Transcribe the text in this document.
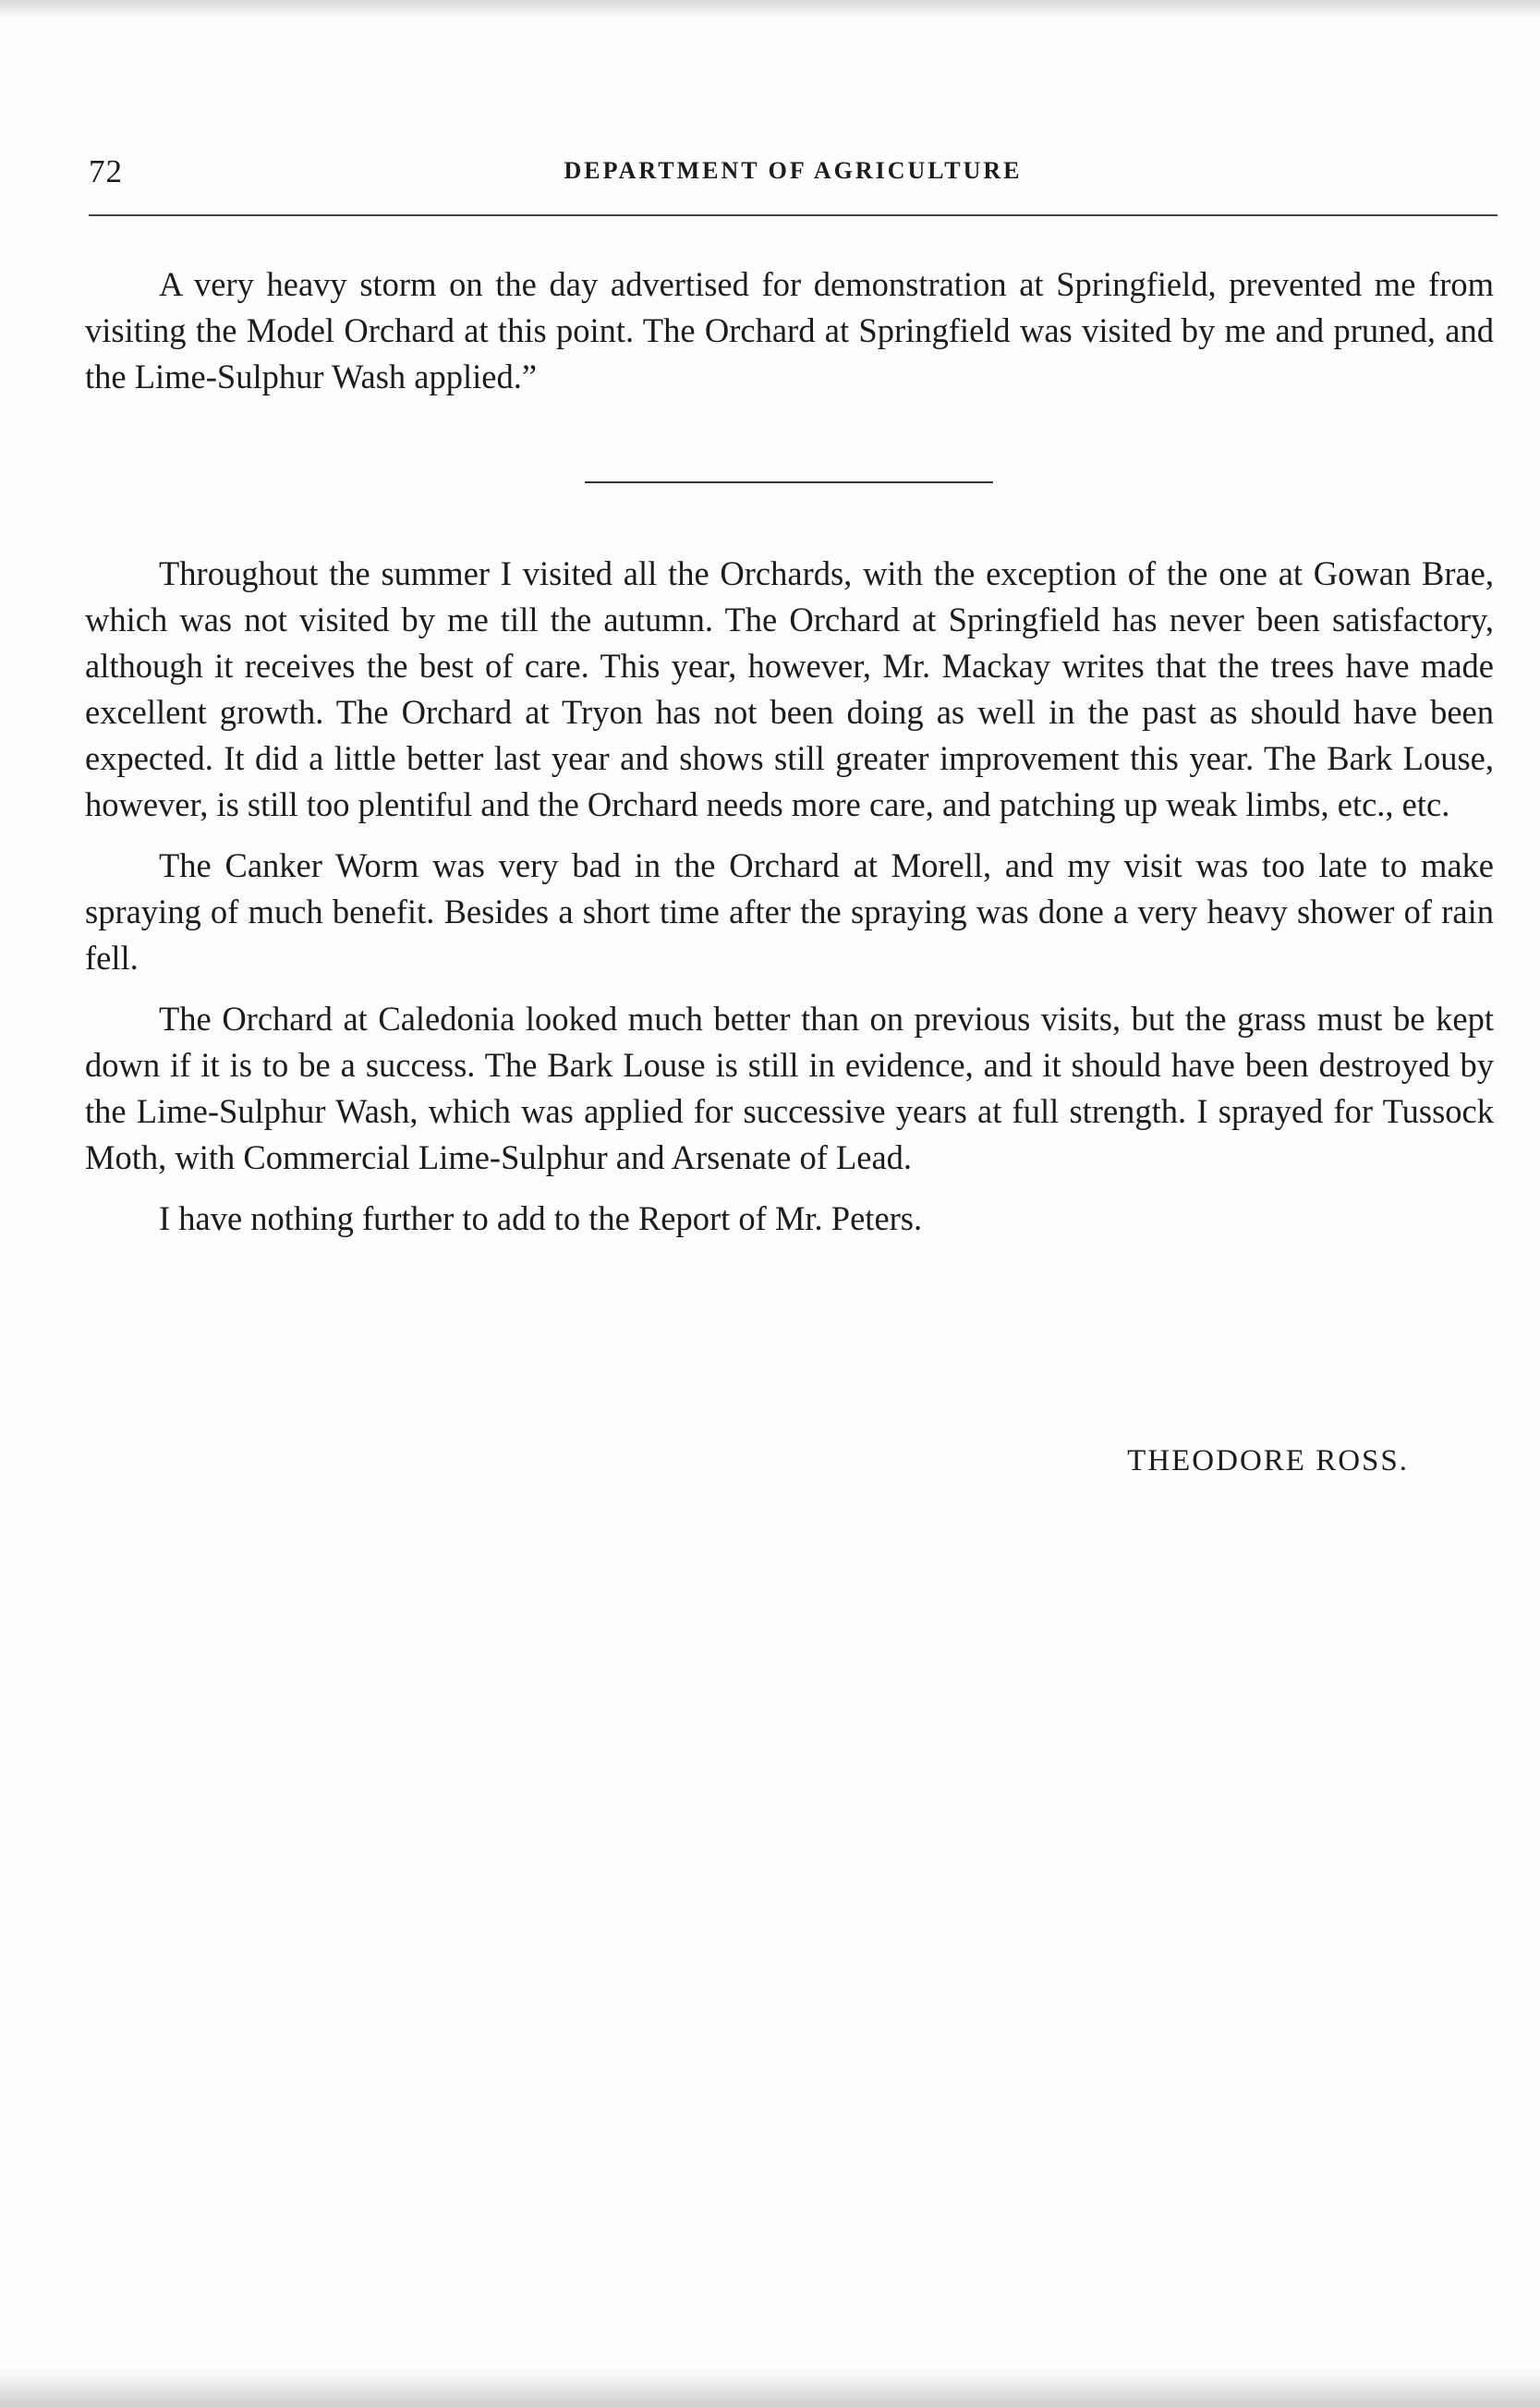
72	DEPARTMENT OF AGRICULTURE

A very heavy storm on the day advertised for demonstration at Springfield, prevented me from visiting the Model Orchard at this point. The Orchard at Springfield was visited by me and pruned, and the Lime-Sulphur Wash applied.”

Throughout the summer I visited all the Orchards, with the exception of the one at Gowan Brae, which was not visited by me till the autumn. The Orchard at Springfield has never been satisfactory, although it receives the best of care. This year, however, Mr. Mackay writes that the trees have made excellent growth. The Orchard at Tryon has not been doing as well in the past as should have been expected. It did a little better last year and shows still greater improvement this year. The Bark Louse, however, is still too plentiful and the Orchard needs more care, and patching up weak limbs, etc., etc.

The Canker Worm was very bad in the Orchard at Morell, and my visit was too late to make spraying of much benefit. Besides a short time after the spraying was done a very heavy shower of rain fell.

The Orchard at Caledonia looked much better than on previous visits, but the grass must be kept down if it is to be a success. The Bark Louse is still in evidence, and it should have been destroyed by the Lime-Sulphur Wash, which was applied for successive years at full strength. I sprayed for Tussock Moth, with Commercial Lime-Sulphur and Arsenate of Lead.

I have nothing further to add to the Report of Mr. Peters.

THEODORE ROSS.
